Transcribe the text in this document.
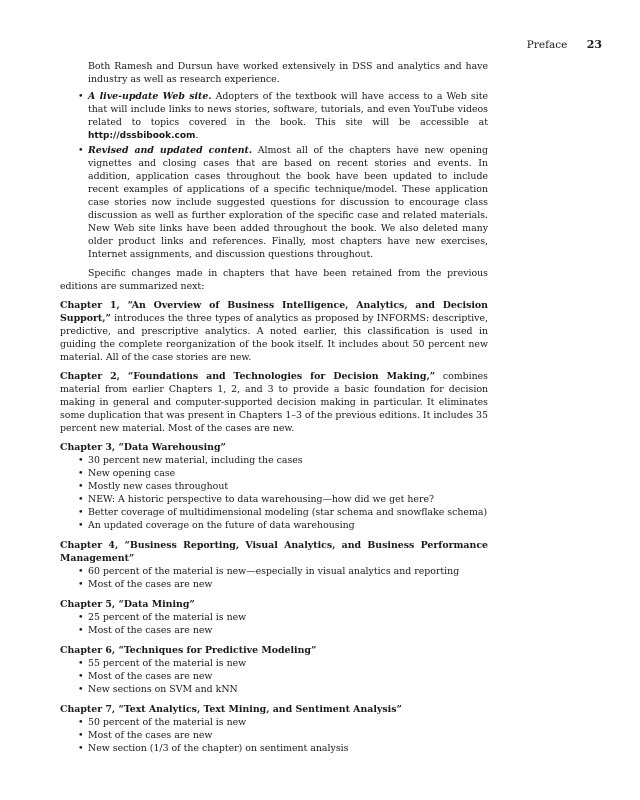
Preface 23

Both Ramesh and Dursun have worked extensively in DSS and analytics and have industry as well as research experience.

• A live-update Web site. Adopters of the textbook will have access to a Web site that will include links to news stories, software, tutorials, and even YouTube videos related to topics covered in the book. This site will be accessible at http://dssbibook.com.
• Revised and updated content. Almost all of the chapters have new opening vignettes and closing cases that are based on recent stories and events. In addition, application cases throughout the book have been updated to include recent examples of applications of a specific technique/model. These application case stories now include suggested questions for discussion to encourage class discussion as well as further exploration of the specific case and related materials. New Web site links have been added throughout the book. We also deleted many older product links and references. Finally, most chapters have new exercises, Internet assignments, and discussion questions throughout.

Specific changes made in chapters that have been retained from the previous editions are summarized next:

Chapter 1, “An Overview of Business Intelligence, Analytics, and Decision Support,” introduces the three types of analytics as proposed by INFORMS: descriptive, predictive, and prescriptive analytics. A noted earlier, this classification is used in guiding the complete reorganization of the book itself. It includes about 50 percent new material. All of the case stories are new.

Chapter 2, “Foundations and Technologies for Decision Making,” combines material from earlier Chapters 1, 2, and 3 to provide a basic foundation for decision making in general and computer-supported decision making in particular. It eliminates some duplication that was present in Chapters 1–3 of the previous editions. It includes 35 percent new material. Most of the cases are new.

Chapter 3, “Data Warehousing”
• 30 percent new material, including the cases
• New opening case
• Mostly new cases throughout
• NEW: A historic perspective to data warehousing—how did we get here?
• Better coverage of multidimensional modeling (star schema and snowflake schema)
• An updated coverage on the future of data warehousing
Chapter 4, “Business Reporting, Visual Analytics, and Business Performance Management”
• 60 percent of the material is new—especially in visual analytics and reporting
• Most of the cases are new
Chapter 5, “Data Mining”
• 25 percent of the material is new
• Most of the cases are new
Chapter 6, “Techniques for Predictive Modeling”
• 55 percent of the material is new
• Most of the cases are new
• New sections on SVM and kNN
Chapter 7, “Text Analytics, Text Mining, and Sentiment Analysis”
• 50 percent of the material is new
• Most of the cases are new
• New section (1/3 of the chapter) on sentiment analysis
